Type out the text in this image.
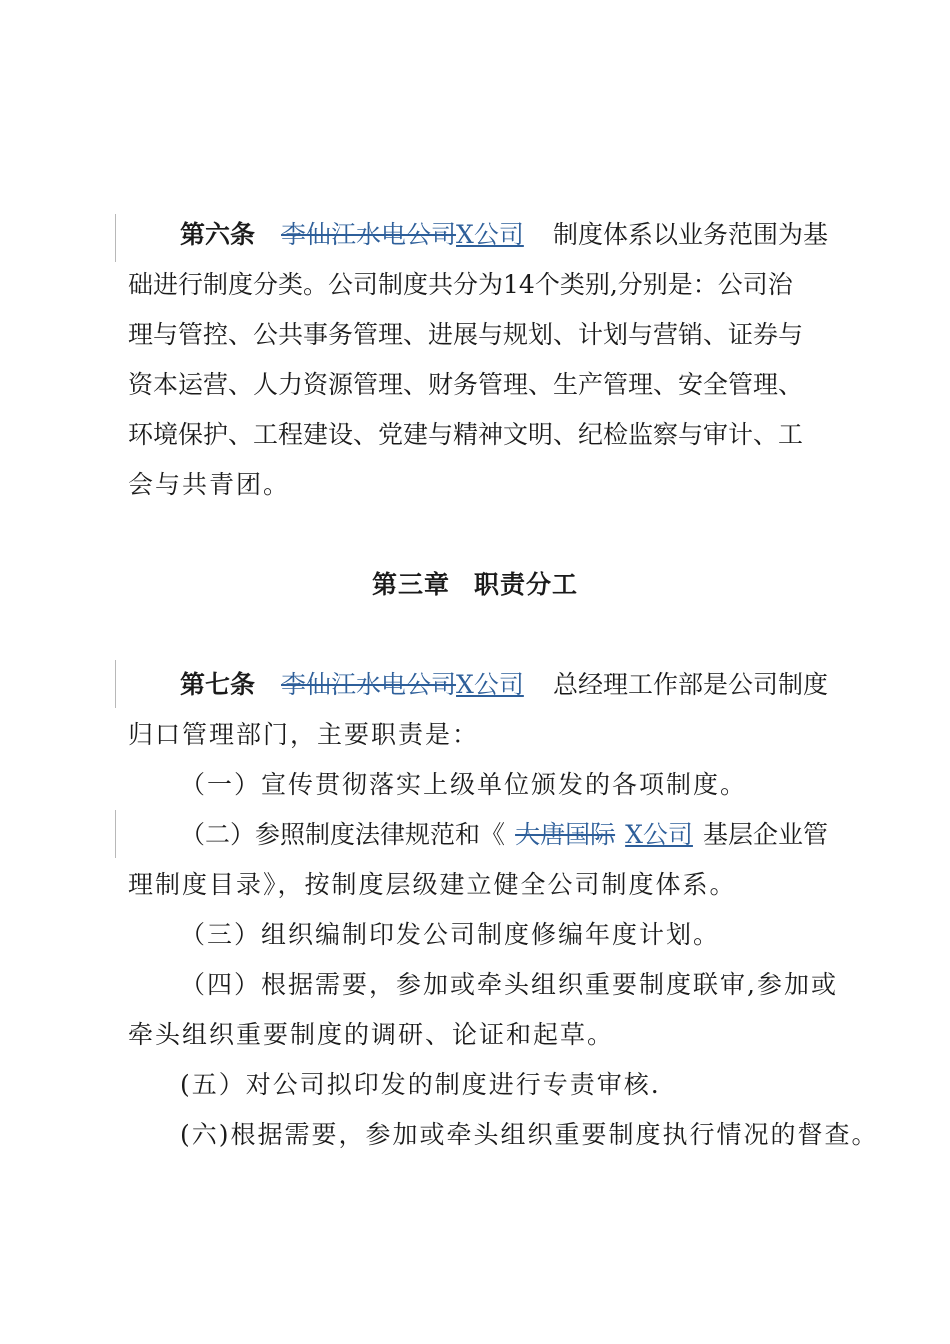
第六条 李仙江水电公司X公司 制度体系以业务范围为基
础进行制度分类。公司制度共分为14个类别,分别是：公司治
理与管控、公共事务管理、进展与规划、计划与营销、证券与
资本运营、人力资源管理、财务管理、生产管理、安全管理、
环境保护、工程建设、党建与精神文明、纪检监察与审计、工
会与共青团。
第三章 职责分工
第七条 李仙江水电公司X公司 总经理工作部是公司制度
归口管理部门，主要职责是：
（一）宣传贯彻落实上级单位颁发的各项制度。
（二）参照制度法律规范和《 大唐国际 X公司 基层企业管
理制度目录》，按制度层级建立健全公司制度体系。
（三）组织编制印发公司制度修编年度计划。
（四）根据需要，参加或牵头组织重要制度联审,参加或
牵头组织重要制度的调研、论证和起草。
(五）对公司拟印发的制度进行专责审核.
(六)根据需要，参加或牵头组织重要制度执行情况的督查。
